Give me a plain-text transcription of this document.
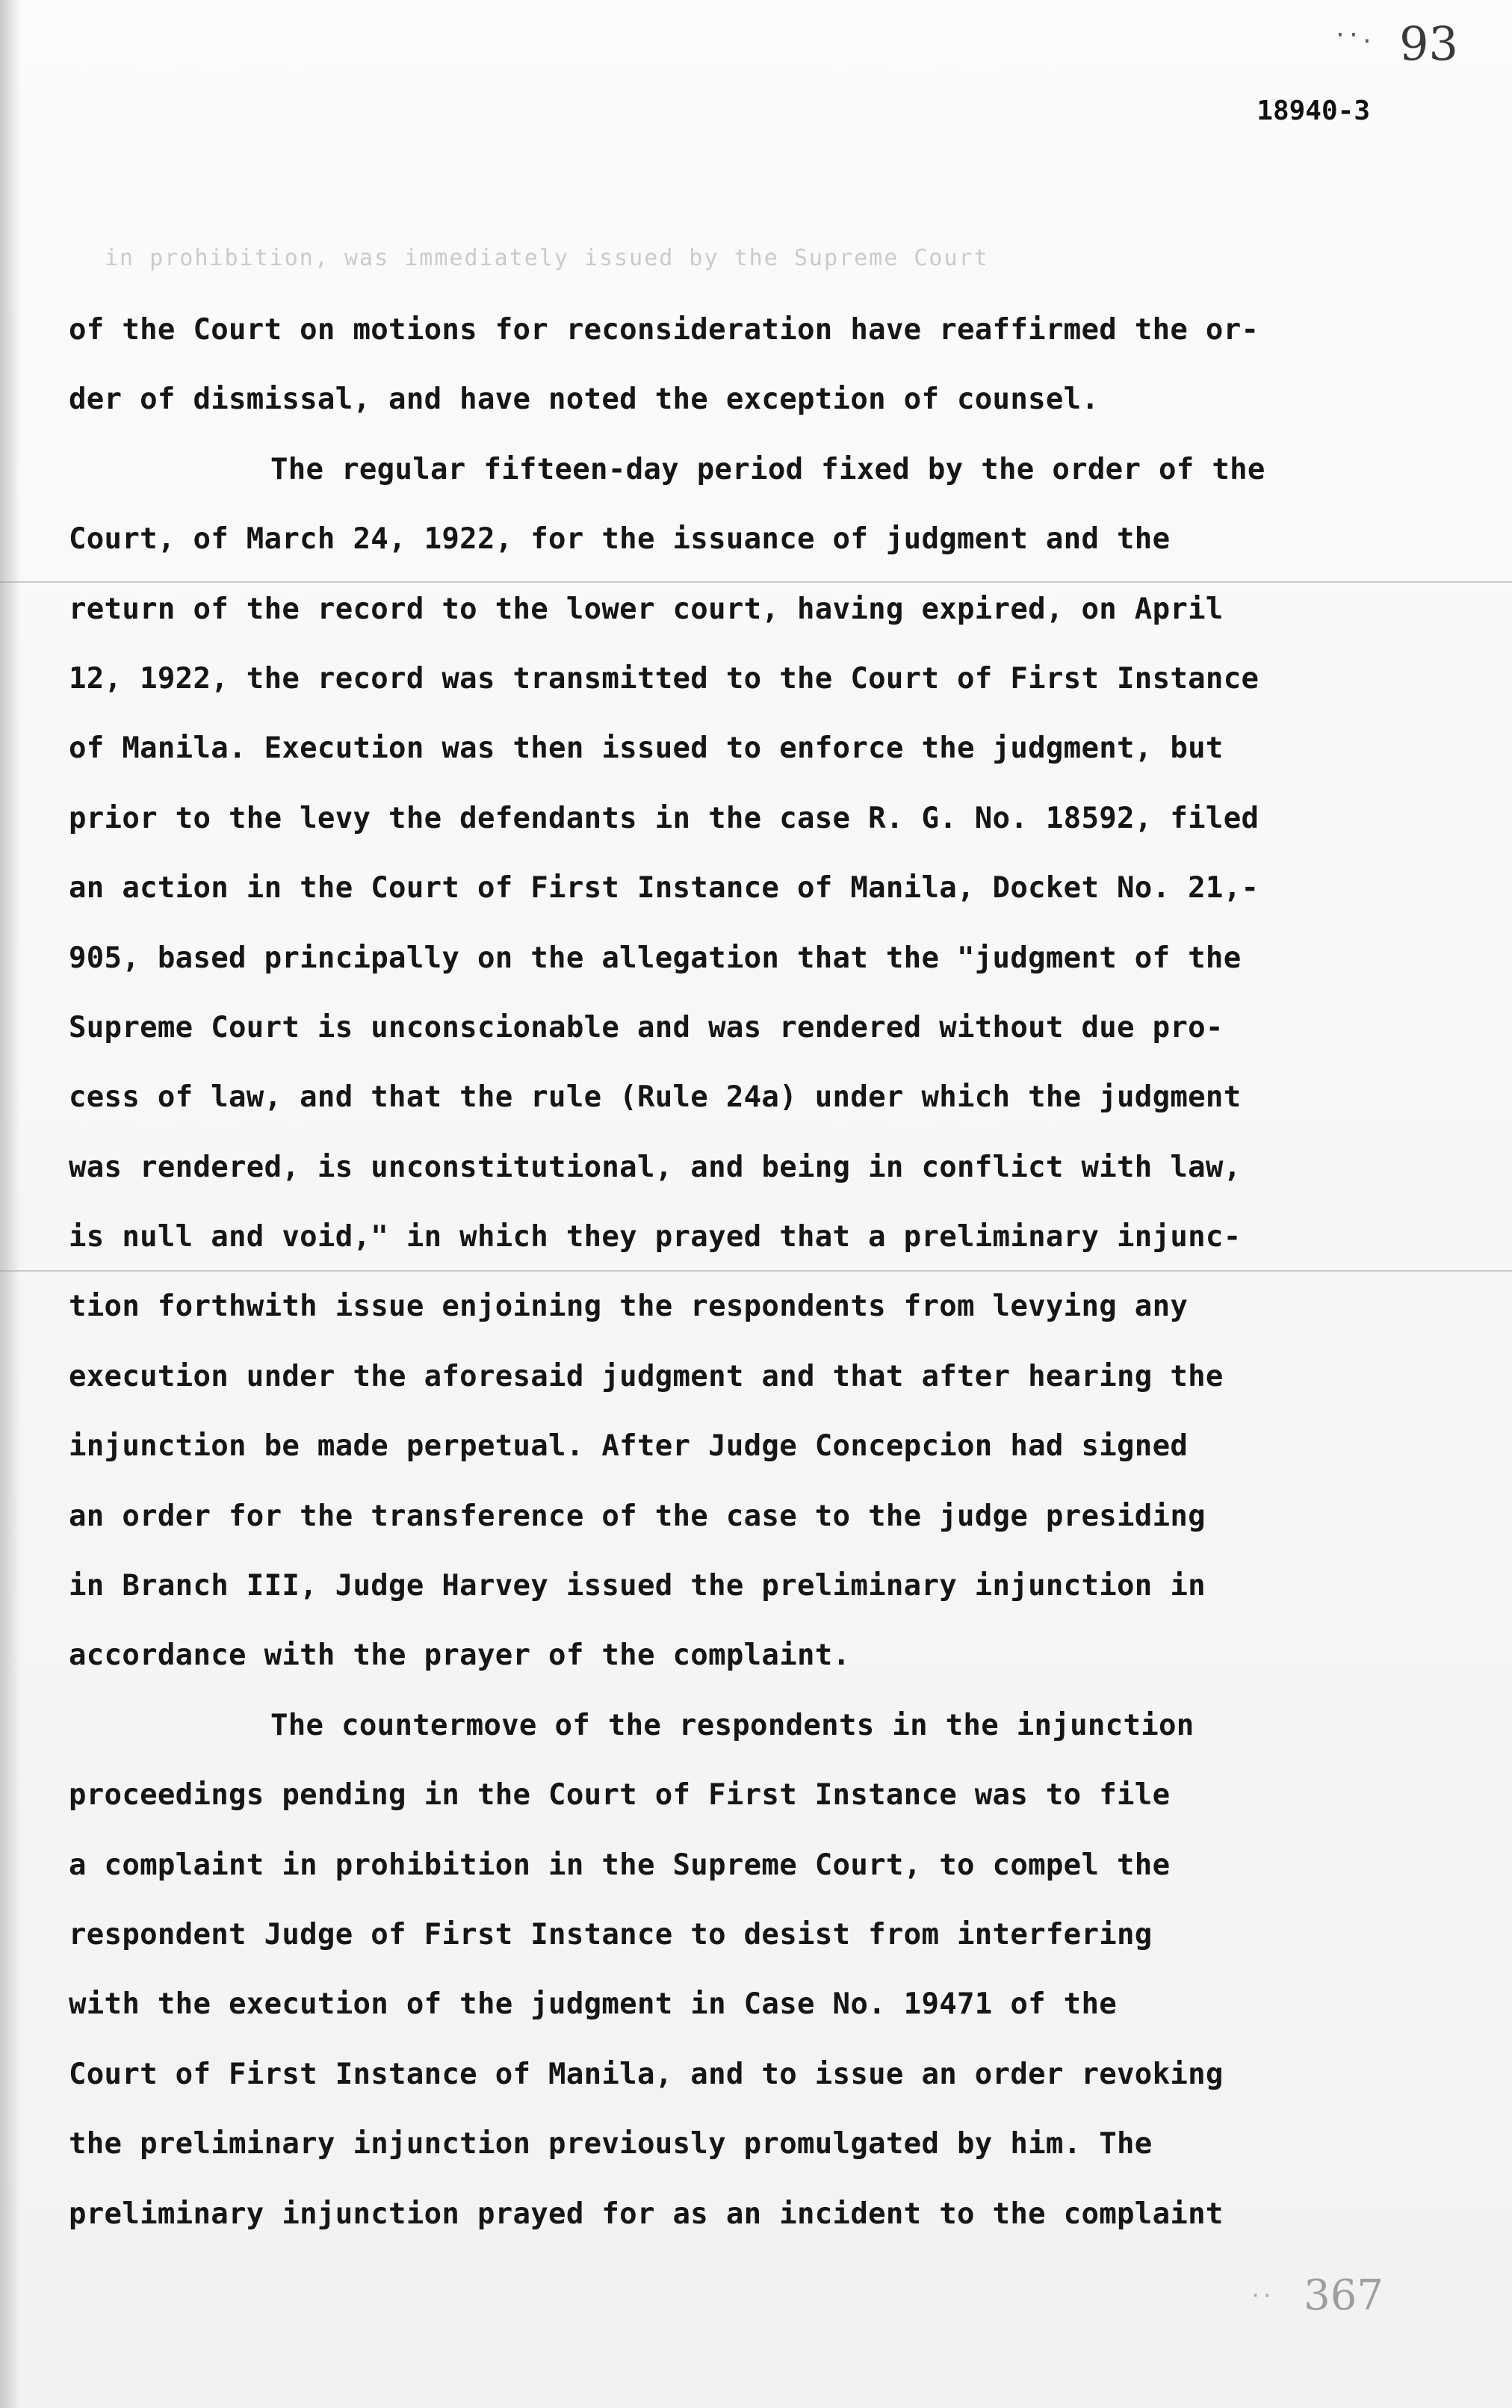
··. 93
18940-3
in prohibition, was immediately issued by the Supreme Court
of the Court on motions for reconsideration have reaffirmed the or-
der of dismissal, and have noted the exception of counsel.
The regular fifteen-day period fixed by the order of the
Court, of March 24, 1922, for the issuance of judgment and the
return of the record to the lower court, having expired, on April
12, 1922, the record was transmitted to the Court of First Instance
of Manila. Execution was then issued to enforce the judgment, but
prior to the levy the defendants in the case R. G. No. 18592, filed
an action in the Court of First Instance of Manila, Docket No. 21,-
905, based principally on the allegation that the "judgment of the
Supreme Court is unconscionable and was rendered without due pro-
cess of law, and that the rule (Rule 24a) under which the judgment
was rendered, is unconstitutional, and being in conflict with law,
is null and void," in which they prayed that a preliminary injunc-
tion forthwith issue enjoining the respondents from levying any
execution under the aforesaid judgment and that after hearing the
injunction be made perpetual. After Judge Concepcion had signed
an order for the transference of the case to the judge presiding
in Branch III, Judge Harvey issued the preliminary injunction in
accordance with the prayer of the complaint.
The countermove of the respondents in the injunction
proceedings pending in the Court of First Instance was to file
a complaint in prohibition in the Supreme Court, to compel the
respondent Judge of First Instance to desist from interfering
with the execution of the judgment in Case No. 19471 of the
Court of First Instance of Manila, and to issue an order revoking
the preliminary injunction previously promulgated by him. The
preliminary injunction prayed for as an incident to the complaint
·· 367
